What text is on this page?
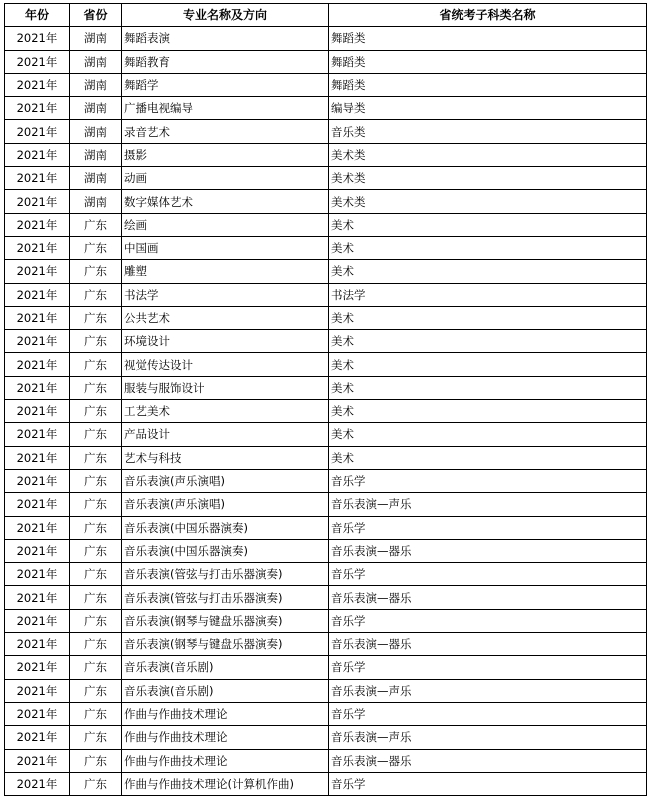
年份	省份	专业名称及方向	省统考子科类名称
2021年	湖南	舞蹈表演	舞蹈类
2021年	湖南	舞蹈教育	舞蹈类
2021年	湖南	舞蹈学	舞蹈类
2021年	湖南	广播电视编导	编导类
2021年	湖南	录音艺术	音乐类
2021年	湖南	摄影	美术类
2021年	湖南	动画	美术类
2021年	湖南	数字媒体艺术	美术类
2021年	广东	绘画	美术
2021年	广东	中国画	美术
2021年	广东	雕塑	美术
2021年	广东	书法学	书法学
2021年	广东	公共艺术	美术
2021年	广东	环境设计	美术
2021年	广东	视觉传达设计	美术
2021年	广东	服装与服饰设计	美术
2021年	广东	工艺美术	美术
2021年	广东	产品设计	美术
2021年	广东	艺术与科技	美术
2021年	广东	音乐表演(声乐演唱)	音乐学
2021年	广东	音乐表演(声乐演唱)	音乐表演—声乐
2021年	广东	音乐表演(中国乐器演奏)	音乐学
2021年	广东	音乐表演(中国乐器演奏)	音乐表演—器乐
2021年	广东	音乐表演(管弦与打击乐器演奏)	音乐学
2021年	广东	音乐表演(管弦与打击乐器演奏)	音乐表演—器乐
2021年	广东	音乐表演(钢琴与键盘乐器演奏)	音乐学
2021年	广东	音乐表演(钢琴与键盘乐器演奏)	音乐表演—器乐
2021年	广东	音乐表演(音乐剧)	音乐学
2021年	广东	音乐表演(音乐剧)	音乐表演—声乐
2021年	广东	作曲与作曲技术理论	音乐学
2021年	广东	作曲与作曲技术理论	音乐表演—声乐
2021年	广东	作曲与作曲技术理论	音乐表演—器乐
2021年	广东	作曲与作曲技术理论(计算机作曲)	音乐学
